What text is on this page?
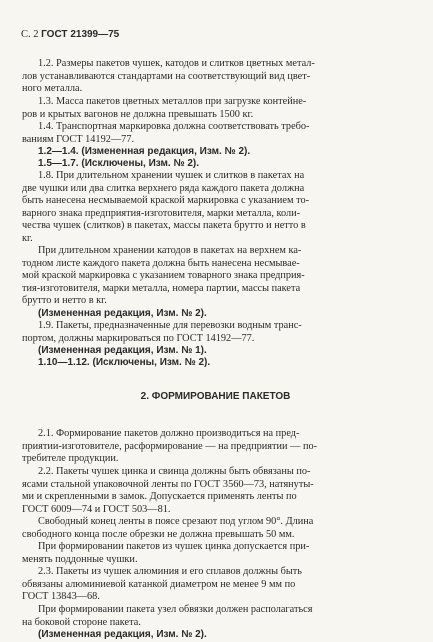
С. 2 ГОСТ 21399—75
1.2. Размеры пакетов чушек, катодов и слитков цветных метал-
лов устанавливаются стандартами на соответствующий вид цвет-
ного металла.
1.3. Масса пакетов цветных металлов при загрузке контейне-
ров и крытых вагонов не должна превышать 1500 кг.
1.4. Транспортная маркировка должна соответствовать требо-
ваниям ГОСТ 14192—77.
1.2—1.4. (Измененная редакция, Изм. № 2).
1.5—1.7. (Исключены, Изм. № 2).
1.8. При длительном хранении чушек и слитков в пакетах на
две чушки или два слитка верхнего ряда каждого пакета должна
быть нанесена несмываемой краской маркировка с указанием то-
варного знака предприятия-изготовителя, марки металла, коли-
чества чушек (слитков) в пакетах, массы пакета брутто и нетто в
кг.
При длительном хранении катодов в пакетах на верхнем ка-
тодном листе каждого пакета должна быть нанесена несмывае-
мой краской маркировка с указанием товарного знака предприя-
тия-изготовителя, марки металла, номера партии, массы пакета
брутто и нетто в кг.
(Измененная редакция, Изм. № 2).
1.9. Пакеты, предназначенные для перевозки водным транс-
портом, должны маркироваться по ГОСТ 14192—77.
(Измененная редакция, Изм. № 1).
1.10—1.12. (Исключены, Изм. № 2).
2. ФОРМИРОВАНИЕ ПАКЕТОВ
2.1. Формирование пакетов должно производиться на пред-
приятии-изготовителе, расформирование — на предприятии — по-
требителе продукции.
2.2. Пакеты чушек цинка и свинца должны быть обвязаны по-
ясами стальной упаковочной ленты по ГОСТ 3560—73, натянуты-
ми и скрепленными в замок. Допускается применять ленты по
ГОСТ 6009—74 и ГОСТ 503—81.
Свободный конец ленты в поясе срезают под углом 90°. Длина
свободного конца после обрезки не должна превышать 50 мм.
При формировании пакетов из чушек цинка допускается при-
менять поддонные чушки.
2.3. Пакеты из чушек алюминия и его сплавов должны быть
обвязаны алюминиевой катанкой диаметром не менее 9 мм по
ГОСТ 13843—68.
При формировании пакета узел обвязки должен располагаться
на боковой стороне пакета.
(Измененная редакция, Изм. № 2).
